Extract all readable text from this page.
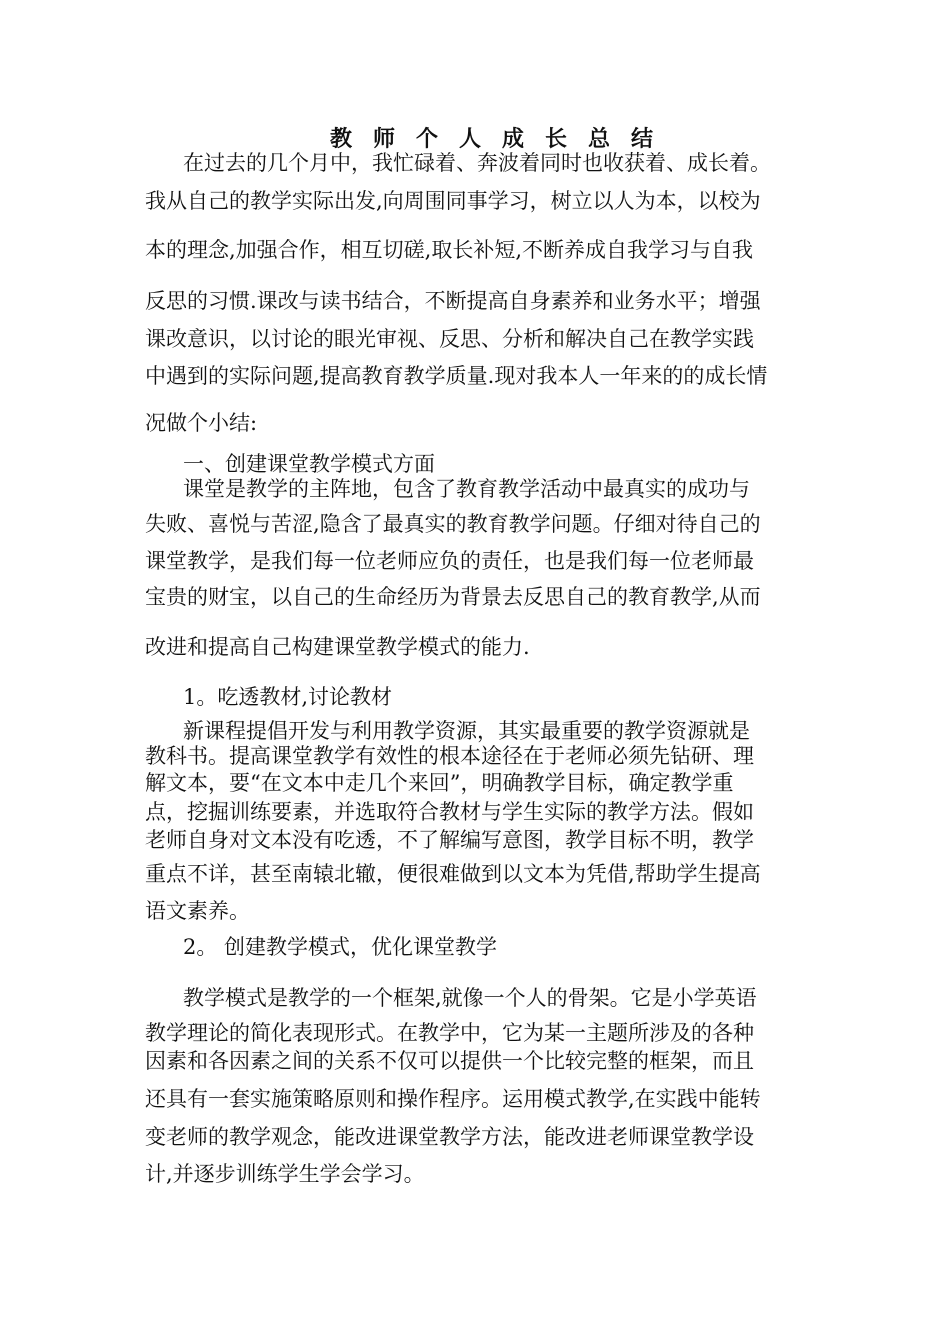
教师个人成长总结
在过去的几个月中，我忙碌着、奔波着同时也收获着、成长着。
我从自己的教学实际出发,向周围同事学习，树立以人为本，以校为
本的理念,加强合作，相互切磋,取长补短,不断养成自我学习与自我
反思的习惯.课改与读书结合，不断提高自身素养和业务水平；增强
课改意识，以讨论的眼光审视、反思、分析和解决自己在教学实践
中遇到的实际问题,提高教育教学质量.现对我本人一年来的的成长情
况做个小结:
一、创建课堂教学模式方面
课堂是教学的主阵地，包含了教育教学活动中最真实的成功与
失败、喜悦与苦涩,隐含了最真实的教育教学问题。仔细对待自己的
课堂教学，是我们每一位老师应负的责任，也是我们每一位老师最
宝贵的财宝，以自己的生命经历为背景去反思自己的教育教学,从而
改进和提高自己构建课堂教学模式的能力.
1。吃透教材,讨论教材
新课程提倡开发与利用教学资源，其实最重要的教学资源就是
教科书。提高课堂教学有效性的根本途径在于老师必须先钻研、理
解文本，要“在文本中走几个来回”，明确教学目标，确定教学重
点，挖掘训练要素，并选取符合教材与学生实际的教学方法。假如
老师自身对文本没有吃透，不了解编写意图，教学目标不明，教学
重点不详，甚至南辕北辙，便很难做到以文本为凭借,帮助学生提高
语文素养。
2。 创建教学模式，优化课堂教学
教学模式是教学的一个框架,就像一个人的骨架。它是小学英语
教学理论的简化表现形式。在教学中，它为某一主题所涉及的各种
因素和各因素之间的关系不仅可以提供一个比较完整的框架，而且
还具有一套实施策略原则和操作程序。运用模式教学,在实践中能转
变老师的教学观念，能改进课堂教学方法，能改进老师课堂教学设
计,并逐步训练学生学会学习。
